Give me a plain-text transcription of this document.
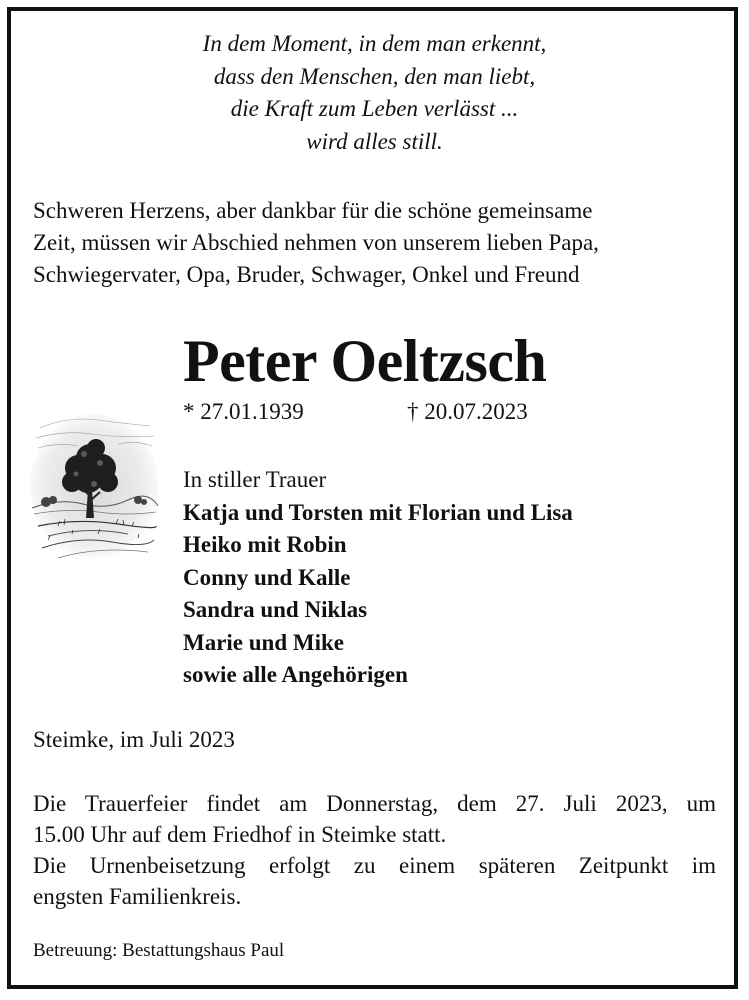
In dem Moment, in dem man erkennt,
dass den Menschen, den man liebt,
die Kraft zum Leben verlässt ...
wird alles still.
Schweren Herzens, aber dankbar für die schöne gemeinsame
Zeit, müssen wir Abschied nehmen von unserem lieben Papa,
Schwiegervater, Opa, Bruder, Schwager, Onkel und Freund
Peter Oeltzsch
* 27.01.1939	† 20.07.2023
In stiller Trauer
Katja und Torsten mit Florian und Lisa
Heiko mit Robin
Conny und Kalle
Sandra und Niklas
Marie und Mike
sowie alle Angehörigen
Steimke, im Juli 2023
Die Trauerfeier findet am Donnerstag, dem 27. Juli 2023, um
15.00 Uhr auf dem Friedhof in Steimke statt.
Die Urnenbeisetzung erfolgt zu einem späteren Zeitpunkt im
engsten Familienkreis.
Betreuung: Bestattungshaus Paul
